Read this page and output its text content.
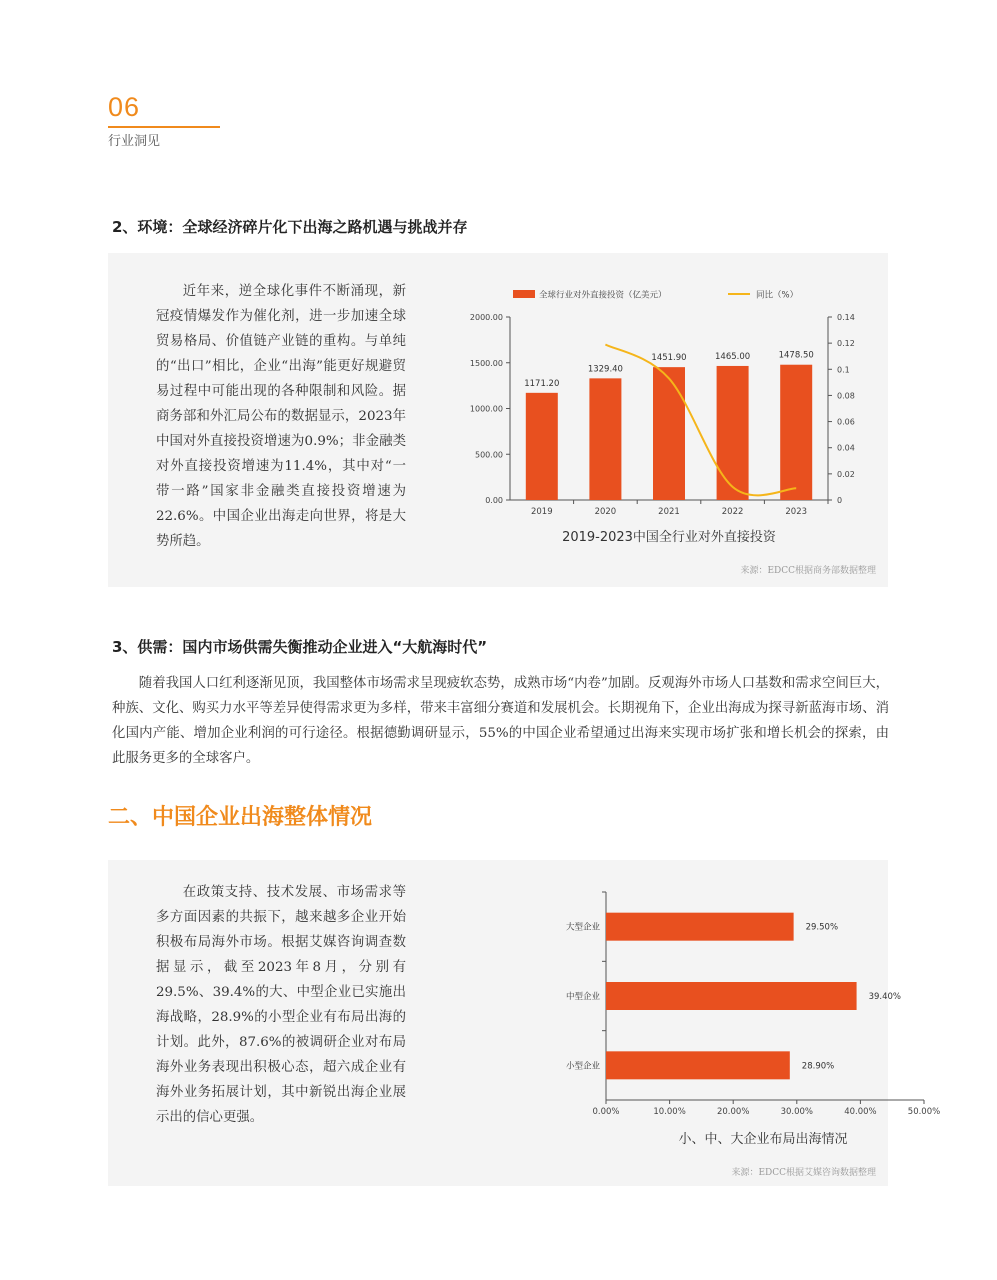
06
行业洞见
2、环境：全球经济碎片化下出海之路机遇与挑战并存
近年来，逆全球化事件不断涌现，新冠疫情爆发作为催化剂，进一步加速全球贸易格局、价值链产业链的重构。与单纯的“出口”相比，企业“出海”能更好规避贸易过程中可能出现的各种限制和风险。据商务部和外汇局公布的数据显示，2023年中国对外直接投资增速为0.9%；非金融类对外直接投资增速为11.4%，其中对“一带一路”国家非金融类直接投资增速为22.6%。中国企业出海走向世界，将是大势所趋。
全球行业对外直接投资（亿美元）	同比（%）
0.00
500.00
1000.00
1500.00
2000.00
0
0.02
0.04
0.06
0.08
0.1
0.12
0.14
1171.20
2019
1329.40
2020
1451.90
2021
1465.00
2022
1478.50
2023
2019-2023中国全行业对外直接投资
来源：EDCC根据商务部数据整理
3、供需：国内市场供需失衡推动企业进入“大航海时代”
随着我国人口红利逐渐见顶，我国整体市场需求呈现疲软态势，成熟市场“内卷”加剧。反观海外市场人口基数和需求空间巨大，种族、文化、购买力水平等差异使得需求更为多样，带来丰富细分赛道和发展机会。长期视角下，企业出海成为探寻新蓝海市场、消化国内产能、增加企业利润的可行途径。根据德勤调研显示，55%的中国企业希望通过出海来实现市场扩张和增长机会的探索，由此服务更多的全球客户。
二、中国企业出海整体情况
在政策支持、技术发展、市场需求等多方面因素的共振下，越来越多企业开始积极布局海外市场。根据艾媒咨询调查数据显示，截至2023年8月，分别有29.5%、39.4%的大、中型企业已实施出海战略，28.9%的小型企业有布局出海的计划。此外，87.6%的被调研企业对布局海外业务表现出积极心态，超六成企业有海外业务拓展计划，其中新锐出海企业展示出的信心更强。	0.00%	10.00%	20.00%	30.00%	40.00%	50.00%
大型企业	29.50%
中型企业	39.40%
小型企业	28.90%
小、中、大企业布局出海情况
来源：EDCC根据艾媒咨询数据整理
